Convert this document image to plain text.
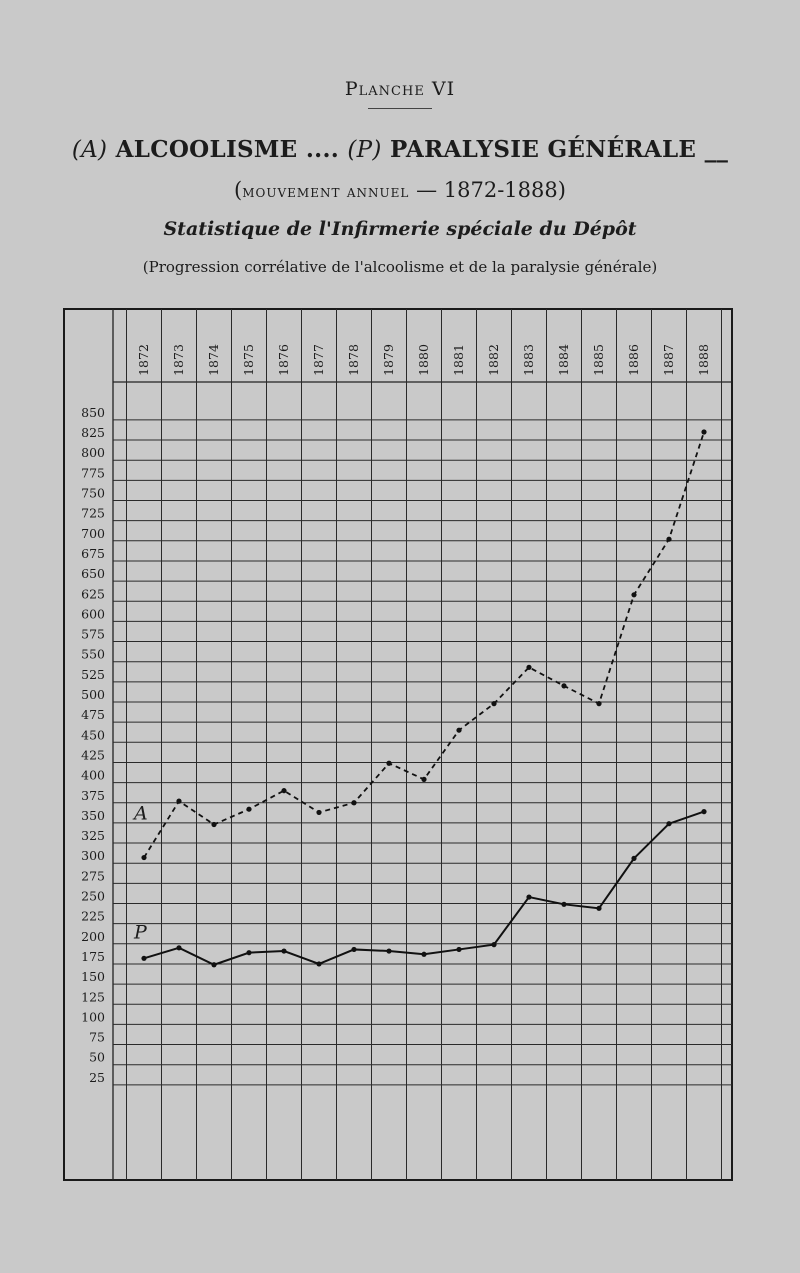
Planche VI
(A) ALCOOLISME .... (P) PARALYSIE GÉNÉRALE __
(mouvement annuel — 1872-1888)
Statistique de l'Infirmerie spéciale du Dépôt
(Progression corrélative de l'alcoolisme et de la paralysie générale)
850
825
800
775
750
725
700
675
650
625
600
575
550
525
500
475
450
425
400
375
350
325
300
275
250
225
200
175
150
125
100
75
50
25
1872 1873 1874 1875 1876 1877 1878 1879 1880 1881 1882 1883 1884 1885 1886 1887 1888
A
P
